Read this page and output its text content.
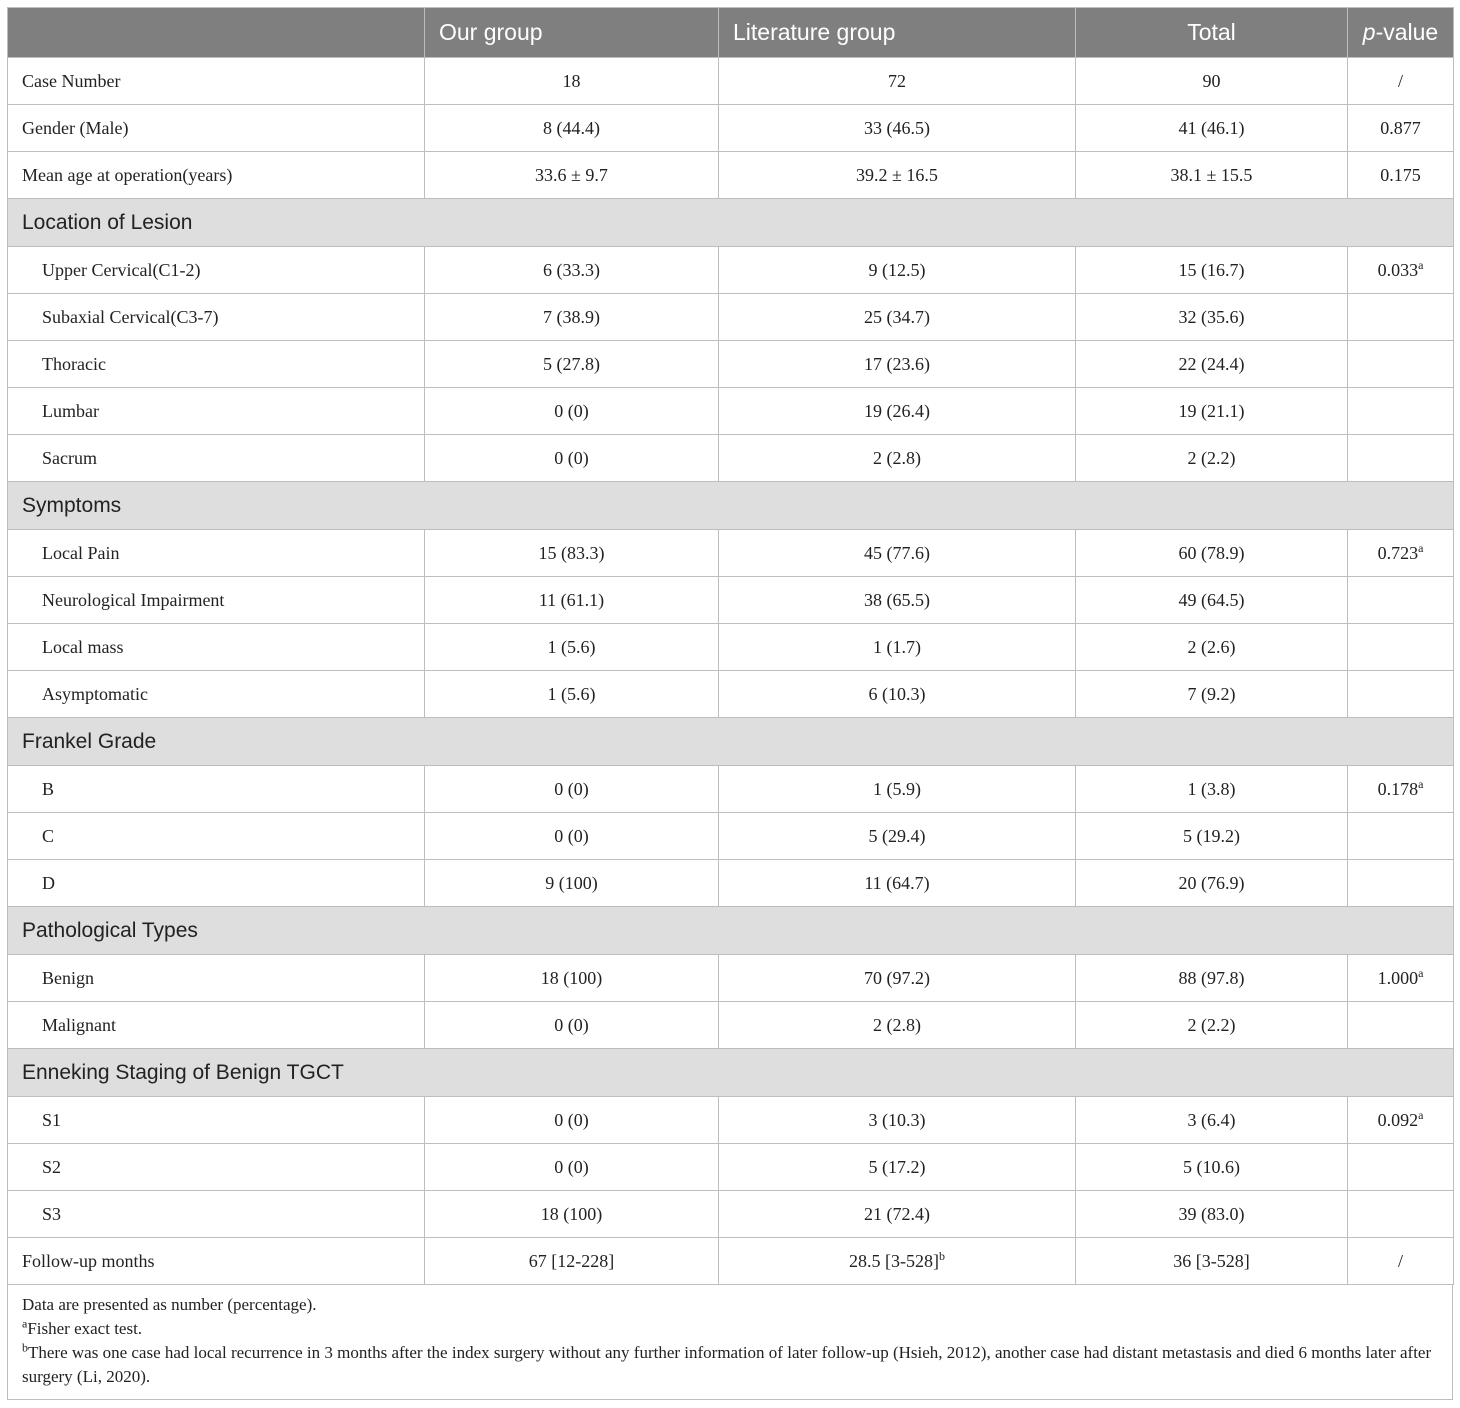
	Our group	Literature group	Total	p-value
Case Number	18	72	90	/
Gender (Male)	8 (44.4)	33 (46.5)	41 (46.1)	0.877
Mean age at operation(years)	33.6 ± 9.7	39.2 ± 16.5	38.1 ± 15.5	0.175
Location of Lesion				
Upper Cervical(C1-2)	6 (33.3)	9 (12.5)	15 (16.7)	0.033$^a$
Subaxial Cervical(C3-7)	7 (38.9)	25 (34.7)	32 (35.6)	
Thoracic	5 (27.8)	17 (23.6)	22 (24.4)	
Lumbar	0 (0)	19 (26.4)	19 (21.1)	
Sacrum	0 (0)	2 (2.8)	2 (2.2)	
Symptoms				
Local Pain	15 (83.3)	45 (77.6)	60 (78.9)	0.723$^a$
Neurological Impairment	11 (61.1)	38 (65.5)	49 (64.5)	
Local mass	1 (5.6)	1 (1.7)	2 (2.6)	
Asymptomatic	1 (5.6)	6 (10.3)	7 (9.2)	
Frankel Grade				
B	0 (0)	1 (5.9)	1 (3.8)	0.178$^a$
C	0 (0)	5 (29.4)	5 (19.2)	
D	9 (100)	11 (64.7)	20 (76.9)	
Pathological Types				
Benign	18 (100)	70 (97.2)	88 (97.8)	1.000$^a$
Malignant	0 (0)	2 (2.8)	2 (2.2)	
Enneking Staging of Benign TGCT				
S1	0 (0)	3 (10.3)	3 (6.4)	0.092$^a$
S2	0 (0)	5 (17.2)	5 (10.6)	
S3	18 (100)	21 (72.4)	39 (83.0)	
Follow-up months	67 [12-228]	28.5 $[3-528]^b$	36 [3-528]	/
Data are presented as number (percentage).
$^a$Fisher exact test.
$^b$There was one case had local recurrence in 3 months after the index surgery without any further information of later follow-up (Hsieh, 2012), another case had distant metastasis and died 6 months later after surgery (Li, 2020).
